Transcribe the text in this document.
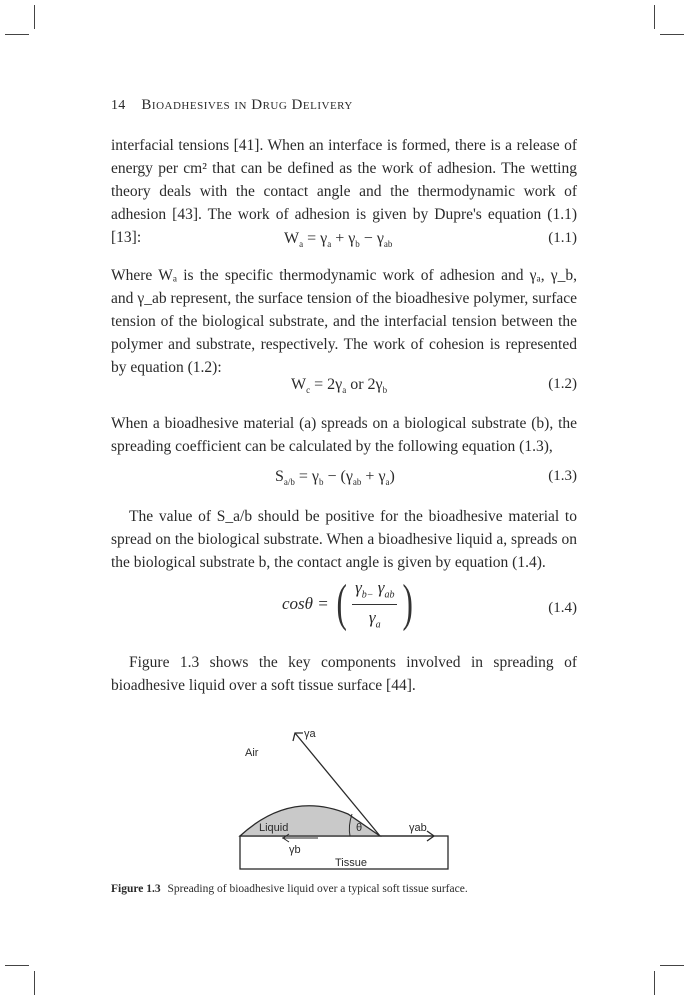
14 Bioadhesives in Drug Delivery
interfacial tensions [41]. When an interface is formed, there is a release of energy per cm² that can be defined as the work of adhesion. The wetting theory deals with the contact angle and the thermodynamic work of adhesion [43]. The work of adhesion is given by Dupre's equation (1.1) [13]:	$W_a = \gamma_a + \gamma_b - \gamma_{ab}$	(1.1)
Where Wₐ is the specific thermodynamic work of adhesion and γₐ, γ_b, and γ_ab represent, the surface tension of the bioadhesive polymer, surface tension of the biological substrate, and the interfacial tension between the polymer and substrate, respectively. The work of cohesion is represented by equation (1.2):
$W_c = 2\gamma_a$ or $2\gamma_b$	(1.2)
When a bioadhesive material (a) spreads on a biological substrate (b), the spreading coefficient can be calculated by the following equation (1.3),
$S_{a/b} = \gamma_b - (\gamma_{ab} + \gamma_a)$	(1.3)
The value of S_a/b should be positive for the bioadhesive material to spread on the biological substrate. When a bioadhesive liquid a, spreads on the biological substrate b, the contact angle is given by equation (1.4).
cosθ = ( $\frac{\gamma_{b-} \gamma_{ab}}{\gamma_a}$ )	(1.4)
Figure 1.3 shows the key components involved in spreading of bioadhesive liquid over a soft tissue surface [44].
Air
γa
Liquid	θ	γab
γb
Tissue
Figure 1.3 Spreading of bioadhesive liquid over a typical soft tissue surface.
